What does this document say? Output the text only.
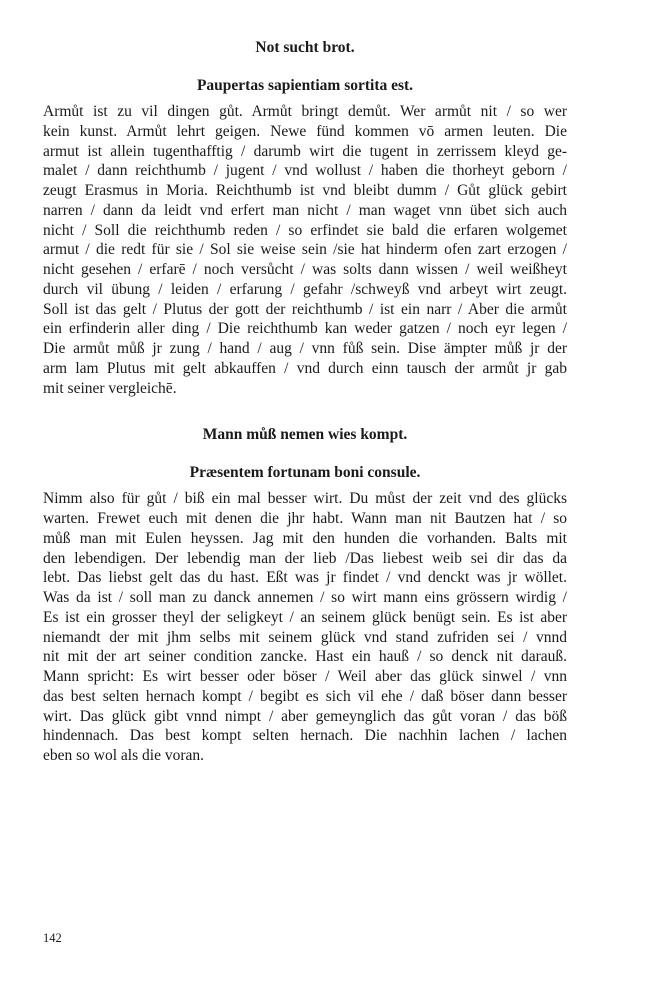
Not sucht brot.
Paupertas sapientiam sortita est.

Armůt ist zu vil dingen gůt. Armůt bringt demůt. Wer armůt nit / so wer
kein kunst. Armůt lehrt geigen. Newe fünd kommen vō armen leuten. Die
armut ist allein tugenthafftig / darumb wirt die tugent in zerrissem kleyd ge-
malet / dann reichthumb / jugent / vnd wollust / haben die thorheyt geborn /
zeugt Erasmus in Moria. Reichthumb ist vnd bleibt dumm / Gůt glück gebirt
narren / dann da leidt vnd erfert man nicht / man waget vnn übet sich auch
nicht / Soll die reichthumb reden / so erfindet sie bald die erfaren wolgemet
armut / die redt für sie / Sol sie weise sein /sie hat hinderm ofen zart erzogen /
nicht gesehen / erfarē / noch versůcht / was solts dann wissen / weil weißheyt
durch vil übung / leiden / erfarung / gefahr /schweyß vnd arbeyt wirt zeugt.
Soll ist das gelt / Plutus der gott der reichthumb / ist ein narr / Aber die armůt
ein erfinderin aller ding / Die reichthumb kan weder gatzen / noch eyr legen /
Die armůt můß jr zung / hand / aug / vnn fůß sein. Dise ämpter můß jr der
arm lam Plutus mit gelt abkauffen / vnd durch einn tausch der armůt jr gab
mit seiner vergleichē.

Mann můß nemen wies kompt.
Præsentem fortunam boni consule.

Nimm also für gůt / biß ein mal besser wirt. Du můst der zeit vnd des glücks
warten. Frewet euch mit denen die jhr habt. Wann man nit Bautzen hat / so
můß man mit Eulen heyssen. Jag mit den hunden die vorhanden. Balts mit
den lebendigen. Der lebendig man der lieb /Das liebest weib sei dir das da
lebt. Das liebst gelt das du hast. Eßt was jr findet / vnd denckt was jr wöllet.
Was da ist / soll man zu danck annemen / so wirt mann eins grössern wirdig /
Es ist ein grosser theyl der seligkeyt / an seinem glück benügt sein. Es ist aber
niemandt der mit jhm selbs mit seinem glück vnd stand zufriden sei / vnnd
nit mit der art seiner condition zancke. Hast ein hauß / so denck nit darauß.
Mann spricht: Es wirt besser oder böser / Weil aber das glück sinwel / vnn
das best selten hernach kompt / begibt es sich vil ehe / daß böser dann besser
wirt. Das glück gibt vnnd nimpt / aber gemeynglich das gůt voran / das böß
hindennach. Das best kompt selten hernach. Die nachhin lachen / lachen
eben so wol als die voran.

142
